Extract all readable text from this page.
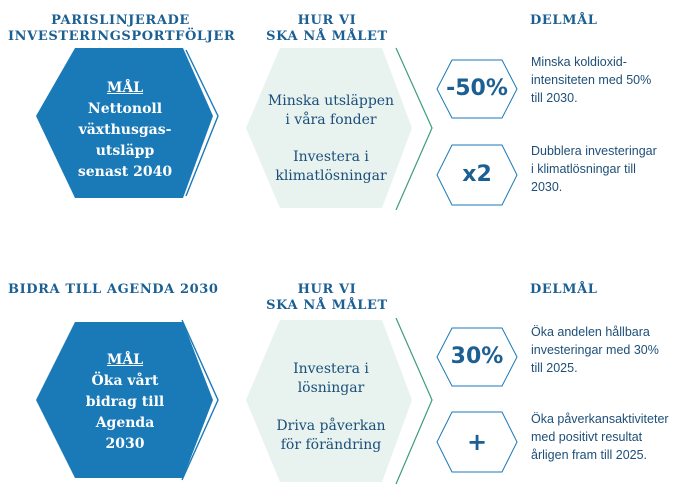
PARISLINJERADE
INVESTERINGSPORTFÖLJER
HUR VI
SKA NÅ MÅLET
DELMÅL
MÅL
Nettonoll
växthusgas-
utsläpp
senast 2040
Minska utsläppen
i våra fonder
Investera i
klimatlösningar
-50%
x2
Minska koldioxid-
intensiteten med 50%
till 2030.
Dubblera investeringar
i klimatlösningar till
2030.
BIDRA TILL AGENDA 2030	HUR VI
SKA NÅ MÅLET
DELMÅL
MÅL
Öka vårt
bidrag till
Agenda
2030
Investera i
lösningar
Driva påverkan
för förändring
30%
+
Öka andelen hållbara
investeringar med 30%
till 2025.
Öka påverkansaktiviteter
med positivt resultat
årligen fram till 2025.
